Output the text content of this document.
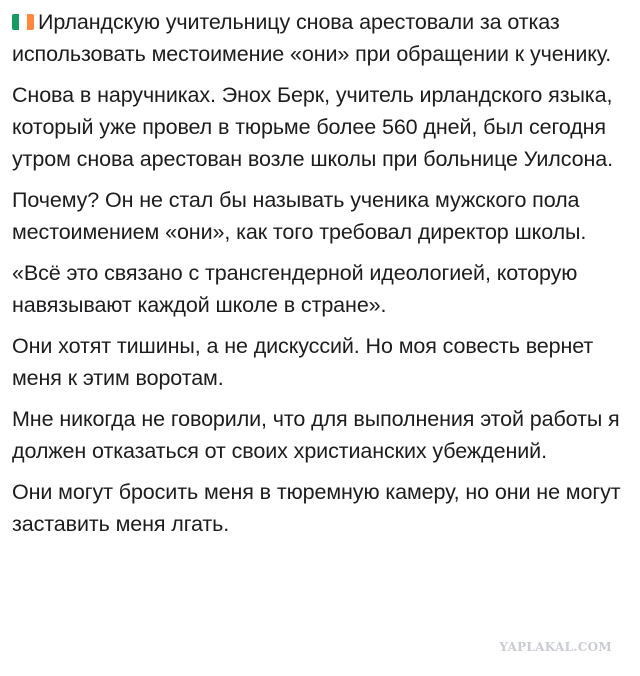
Ирландскую учительницу снова арестовали за отказ использовать местоимение «они» при обращении к ученику.

Снова в наручниках. Энох Берк, учитель ирландского языка, который уже провел в тюрьме более 560 дней, был сегодня утром снова арестован возле школы при больнице Уилсона.

Почему? Он не стал бы называть ученика мужского пола местоимением «они», как того требовал директор школы.

«Всё это связано с трансгендерной идеологией, которую навязывают каждой школе в стране».

Они хотят тишины, а не дискуссий. Но моя совесть вернет меня к этим воротам.

Мне никогда не говорили, что для выполнения этой работы я должен отказаться от своих христианских убеждений.

Они могут бросить меня в тюремную камеру, но они не могут заставить меня лгать.

YAPLAKAL.COM
